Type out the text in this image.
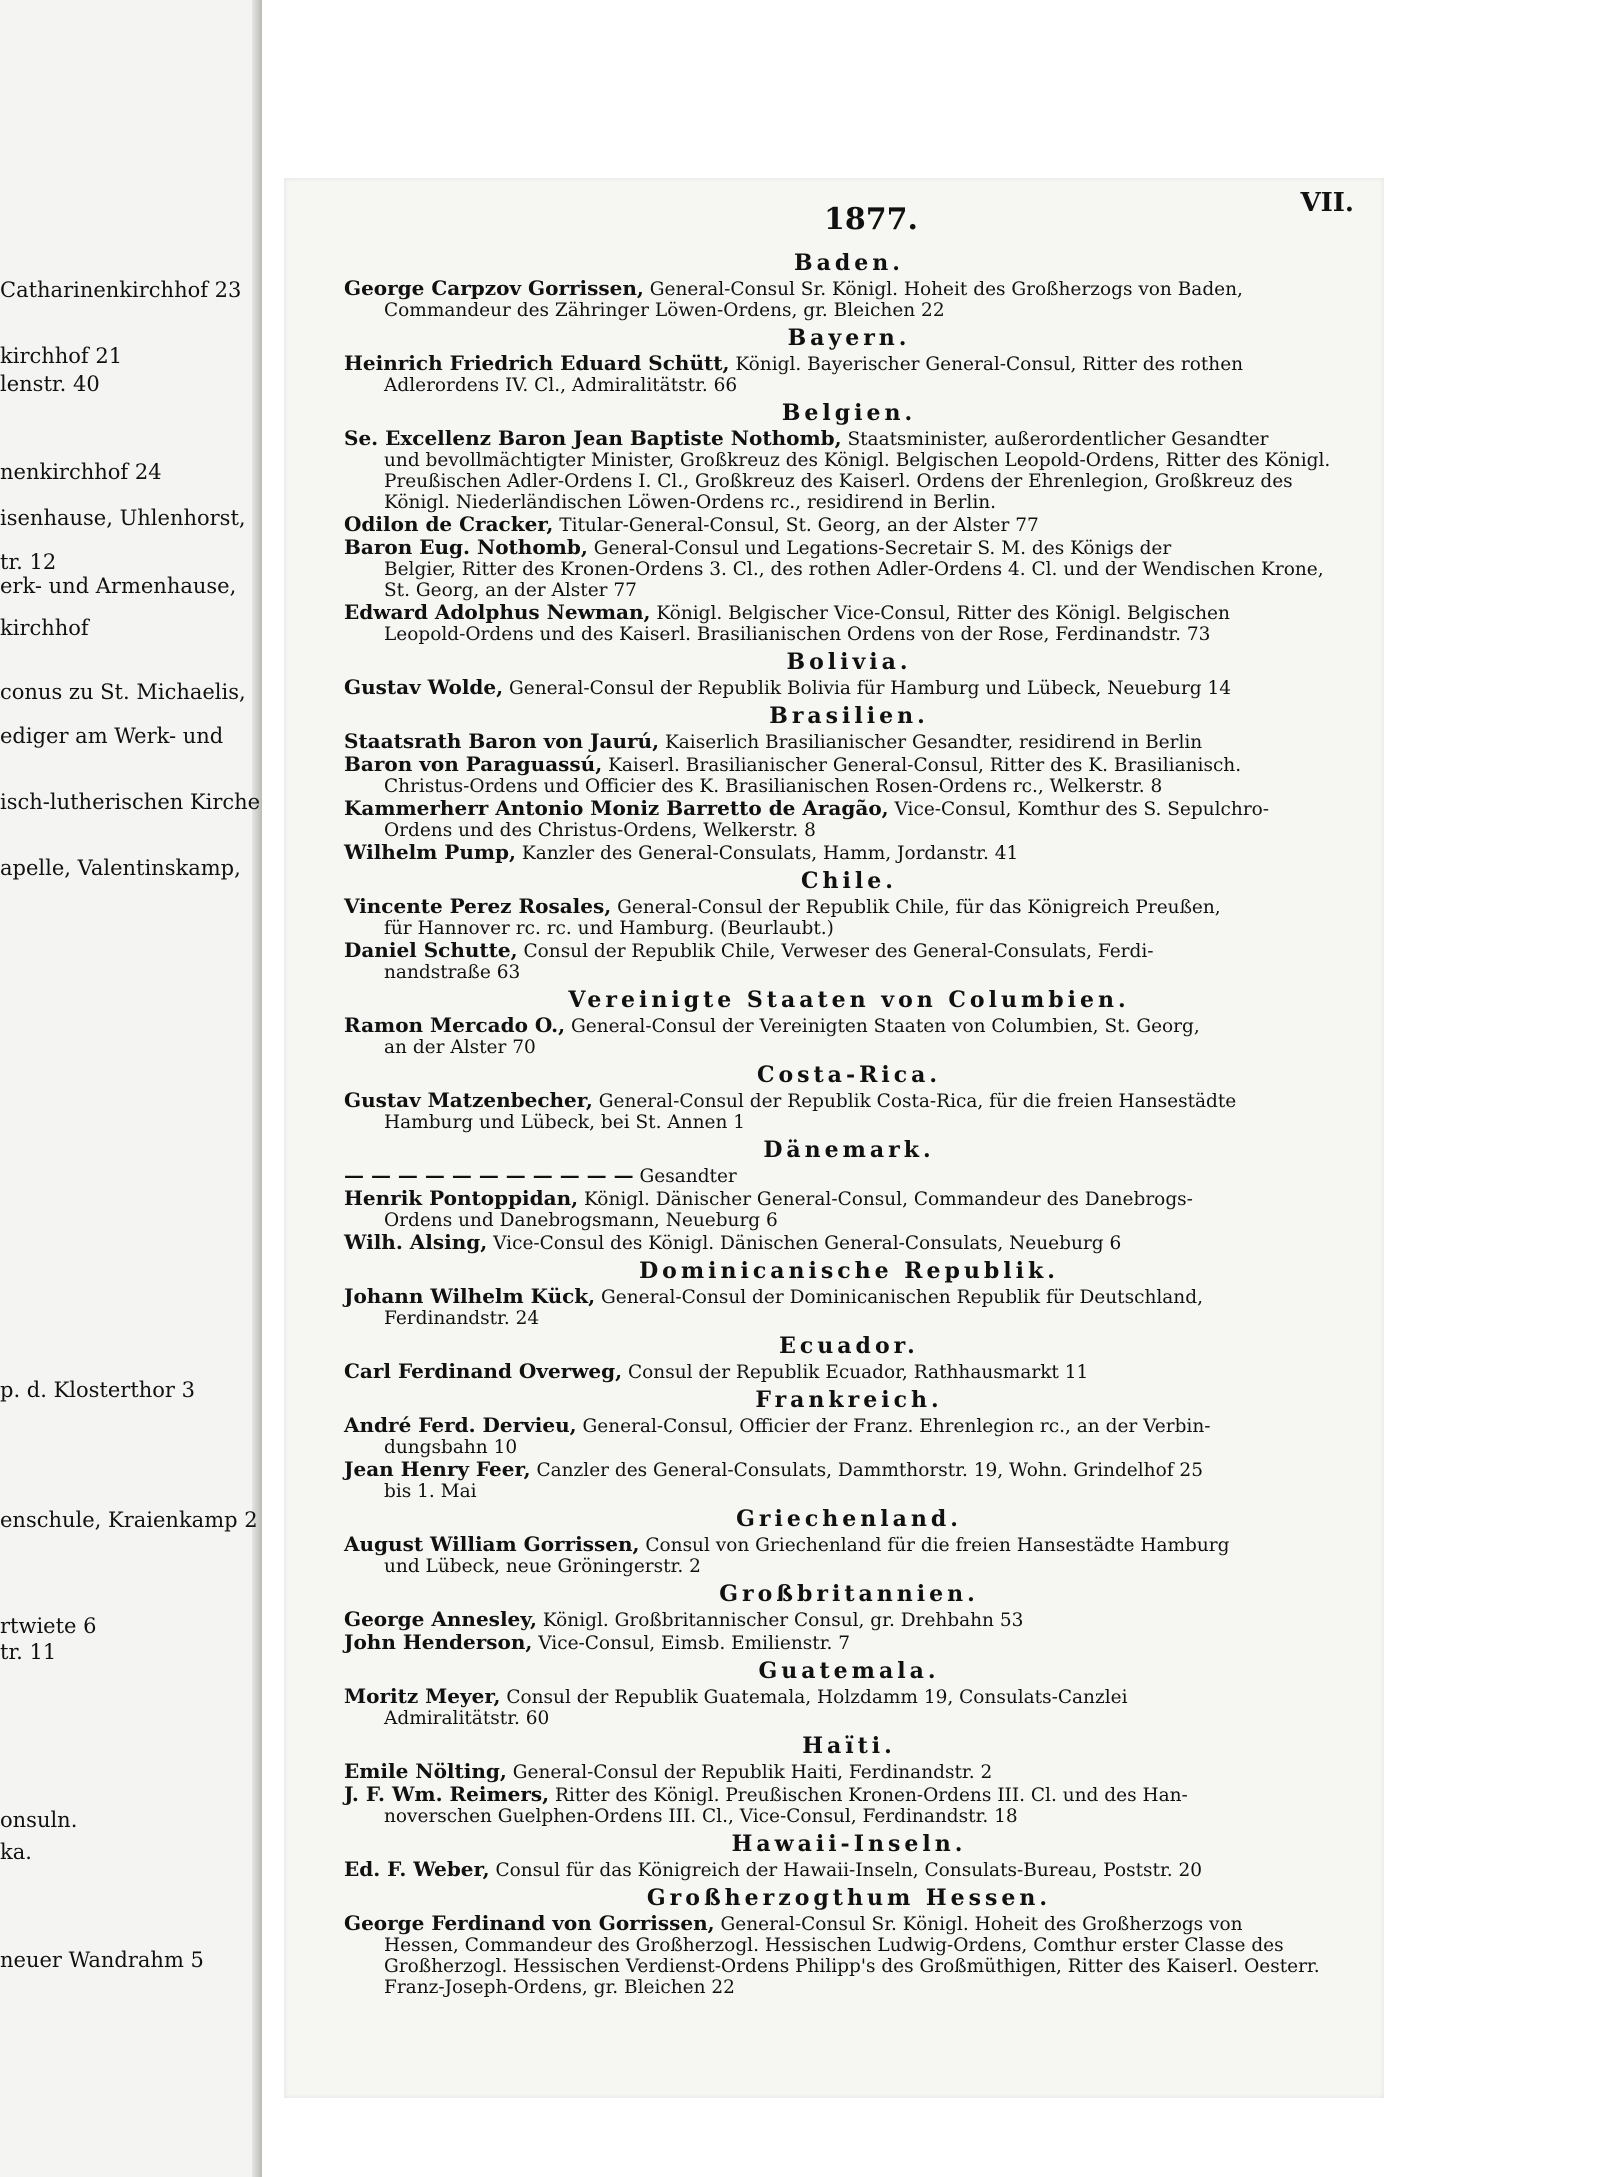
Catharinenkirchhof 23
kirchhof 21
lenstr. 40
nenkirchhof 24
isenhause, Uhlenhorst,
tr. 12
erk- und Armenhause,
kirchhof
conus zu St. Michaelis,
ediger am Werk- und
isch-lutherischen Kirche
apelle, Valentinskamp,
p. d. Klosterthor 3
enschule, Kraienkamp 2
rtwiete 6
tr. 11
onsuln.
ka.
neuer Wandrahm 5
1877.	VII.
Baden.
George Carpzov Gorrissen, General-Consul Sr. Königl. Hoheit des Großherzogs von Baden,
Commandeur des Zähringer Löwen-Ordens, gr. Bleichen 22
Bayern.
Heinrich Friedrich Eduard Schütt, Königl. Bayerischer General-Consul, Ritter des rothen
Adlerordens IV. Cl., Admiralitätstr. 66
Belgien.
Se. Excellenz Baron Jean Baptiste Nothomb, Staatsminister, außerordentlicher Gesandter
und bevollmächtigter Minister, Großkreuz des Königl. Belgischen Leopold-Ordens, Ritter des Königl. Preußischen Adler-Ordens I. Cl., Großkreuz des Kaiserl. Ordens der Ehrenlegion, Großkreuz des Königl. Niederländischen Löwen-Ordens rc., residirend in Berlin.
Odilon de Cracker, Titular-General-Consul, St. Georg, an der Alster 77
Baron Eug. Nothomb, General-Consul und Legations-Secretair S. M. des Königs der
Belgier, Ritter des Kronen-Ordens 3. Cl., des rothen Adler-Ordens 4. Cl. und der Wendischen Krone, St. Georg, an der Alster 77
Edward Adolphus Newman, Königl. Belgischer Vice-Consul, Ritter des Königl. Belgischen
Leopold-Ordens und des Kaiserl. Brasilianischen Ordens von der Rose, Ferdinandstr. 73
Bolivia.
Gustav Wolde, General-Consul der Republik Bolivia für Hamburg und Lübeck, Neueburg 14
Brasilien.
Staatsrath Baron von Jaurú, Kaiserlich Brasilianischer Gesandter, residirend in Berlin
Baron von Paraguassú, Kaiserl. Brasilianischer General-Consul, Ritter des K. Brasilianisch.
Christus-Ordens und Officier des K. Brasilianischen Rosen-Ordens rc., Welkerstr. 8
Kammerherr Antonio Moniz Barretto de Aragão, Vice-Consul, Komthur des S. Sepulchro-
Ordens und des Christus-Ordens, Welkerstr. 8
Wilhelm Pump, Kanzler des General-Consulats, Hamm, Jordanstr. 41
Chile.
Vincente Perez Rosales, General-Consul der Republik Chile, für das Königreich Preußen,
für Hannover rc. rc. und Hamburg. (Beurlaubt.)
Daniel Schutte, Consul der Republik Chile, Verweser des General-Consulats, Ferdi-
nandstraße 63
Vereinigte Staaten von Columbien.
Ramon Mercado O., General-Consul der Vereinigten Staaten von Columbien, St. Georg,
an der Alster 70
Costa-Rica.
Gustav Matzenbecher, General-Consul der Republik Costa-Rica, für die freien Hansestädte
Hamburg und Lübeck, bei St. Annen 1
Dänemark.
— — — — — — — — — — — Gesandter
Henrik Pontoppidan, Königl. Dänischer General-Consul, Commandeur des Danebrogs-
Ordens und Danebrogsmann, Neueburg 6
Wilh. Alsing, Vice-Consul des Königl. Dänischen General-Consulats, Neueburg 6
Dominicanische Republik.
Johann Wilhelm Kück, General-Consul der Dominicanischen Republik für Deutschland,
Ferdinandstr. 24
Ecuador.
Carl Ferdinand Overweg, Consul der Republik Ecuador, Rathhausmarkt 11
Frankreich.
André Ferd. Dervieu, General-Consul, Officier der Franz. Ehrenlegion rc., an der Verbin-
dungsbahn 10
Jean Henry Feer, Canzler des General-Consulats, Dammthorstr. 19, Wohn. Grindelhof 25
bis 1. Mai
Griechenland.
August William Gorrissen, Consul von Griechenland für die freien Hansestädte Hamburg
und Lübeck, neue Gröningerstr. 2
Großbritannien.
George Annesley, Königl. Großbritannischer Consul, gr. Drehbahn 53
John Henderson, Vice-Consul, Eimsb. Emilienstr. 7
Guatemala.
Moritz Meyer, Consul der Republik Guatemala, Holzdamm 19, Consulats-Canzlei
Admiralitätstr. 60
Haïti.
Emile Nölting, General-Consul der Republik Haiti, Ferdinandstr. 2
J. F. Wm. Reimers, Ritter des Königl. Preußischen Kronen-Ordens III. Cl. und des Han-
noverschen Guelphen-Ordens III. Cl., Vice-Consul, Ferdinandstr. 18
Hawaii-Inseln.
Ed. F. Weber, Consul für das Königreich der Hawaii-Inseln, Consulats-Bureau, Poststr. 20
Großherzogthum Hessen.
George Ferdinand von Gorrissen, General-Consul Sr. Königl. Hoheit des Großherzogs von
Hessen, Commandeur des Großherzogl. Hessischen Ludwig-Ordens, Comthur erster Classe des Großherzogl. Hessischen Verdienst-Ordens Philipp's des Großmüthigen, Ritter des Kaiserl. Oesterr. Franz-Joseph-Ordens, gr. Bleichen 22
